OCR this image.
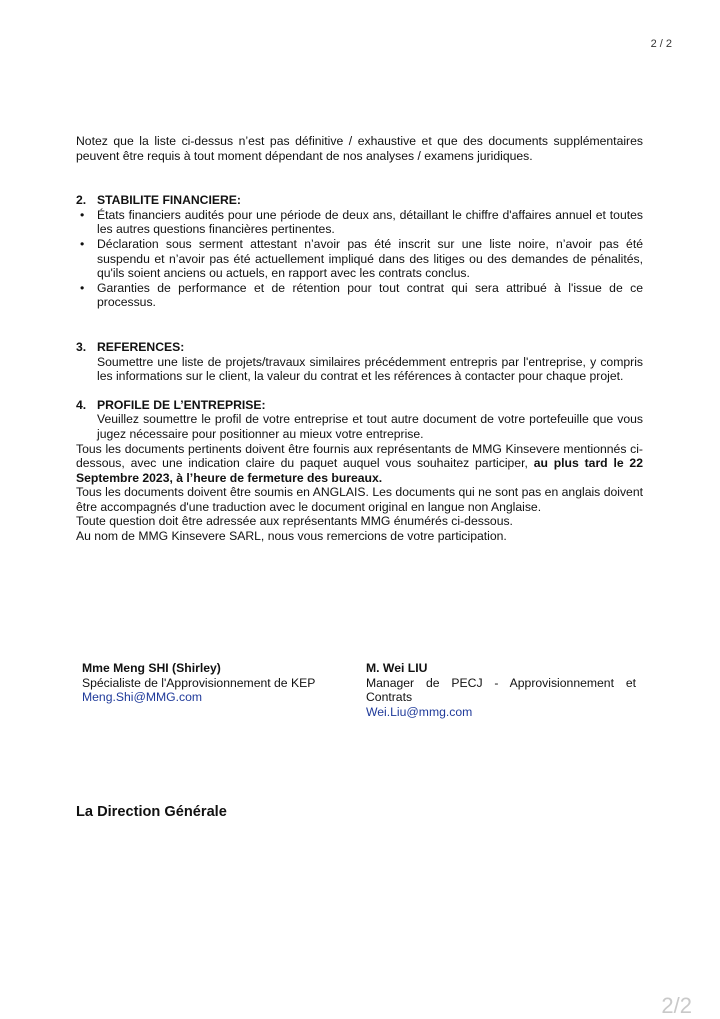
2 / 2

Notez que la liste ci-dessus n’est pas définitive / exhaustive et que des documents supplémentaires peuvent être requis à tout moment dépendant de nos analyses / examens juridiques.

2. STABILITE FINANCIERE:
• États financiers audités pour une période de deux ans, détaillant le chiffre d'affaires annuel et toutes les autres questions financières pertinentes.
• Déclaration sous serment attestant n’avoir pas été inscrit sur une liste noire, n’avoir pas été suspendu et n’avoir pas été actuellement impliqué dans des litiges ou des demandes de pénalités, qu'ils soient anciens ou actuels, en rapport avec les contrats conclus.
• Garanties de performance et de rétention pour tout contrat qui sera attribué à l'issue de ce processus.
3. REFERENCES:
Soumettre une liste de projets/travaux similaires précédemment entrepris par l'entreprise, y compris les informations sur le client, la valeur du contrat et les références à contacter pour chaque projet.
4. PROFILE DE L’ENTREPRISE:
Veuillez soumettre le profil de votre entreprise et tout autre document de votre portefeuille que vous jugez nécessaire pour positionner au mieux votre entreprise.

Tous les documents pertinents doivent être fournis aux représentants de MMG Kinsevere mentionnés ci-dessous, avec une indication claire du paquet auquel vous souhaitez participer, au plus tard le 22 Septembre 2023, à l’heure de fermeture des bureaux.

Tous les documents doivent être soumis en ANGLAIS. Les documents qui ne sont pas en anglais doivent être accompagnés d'une traduction avec le document original en langue non Anglaise.

Toute question doit être adressée aux représentants MMG énumérés ci-dessous.

Au nom de MMG Kinsevere SARL, nous vous remercions de votre participation.

Mme Meng SHI (Shirley)
Spécialiste de l'Approvisionnement de KEP
Meng.Shi@MMG.com
M. Wei LIU
Manager de PECJ - Approvisionnement et Contrats
Wei.Liu@mmg.com
La Direction Générale
2/2
